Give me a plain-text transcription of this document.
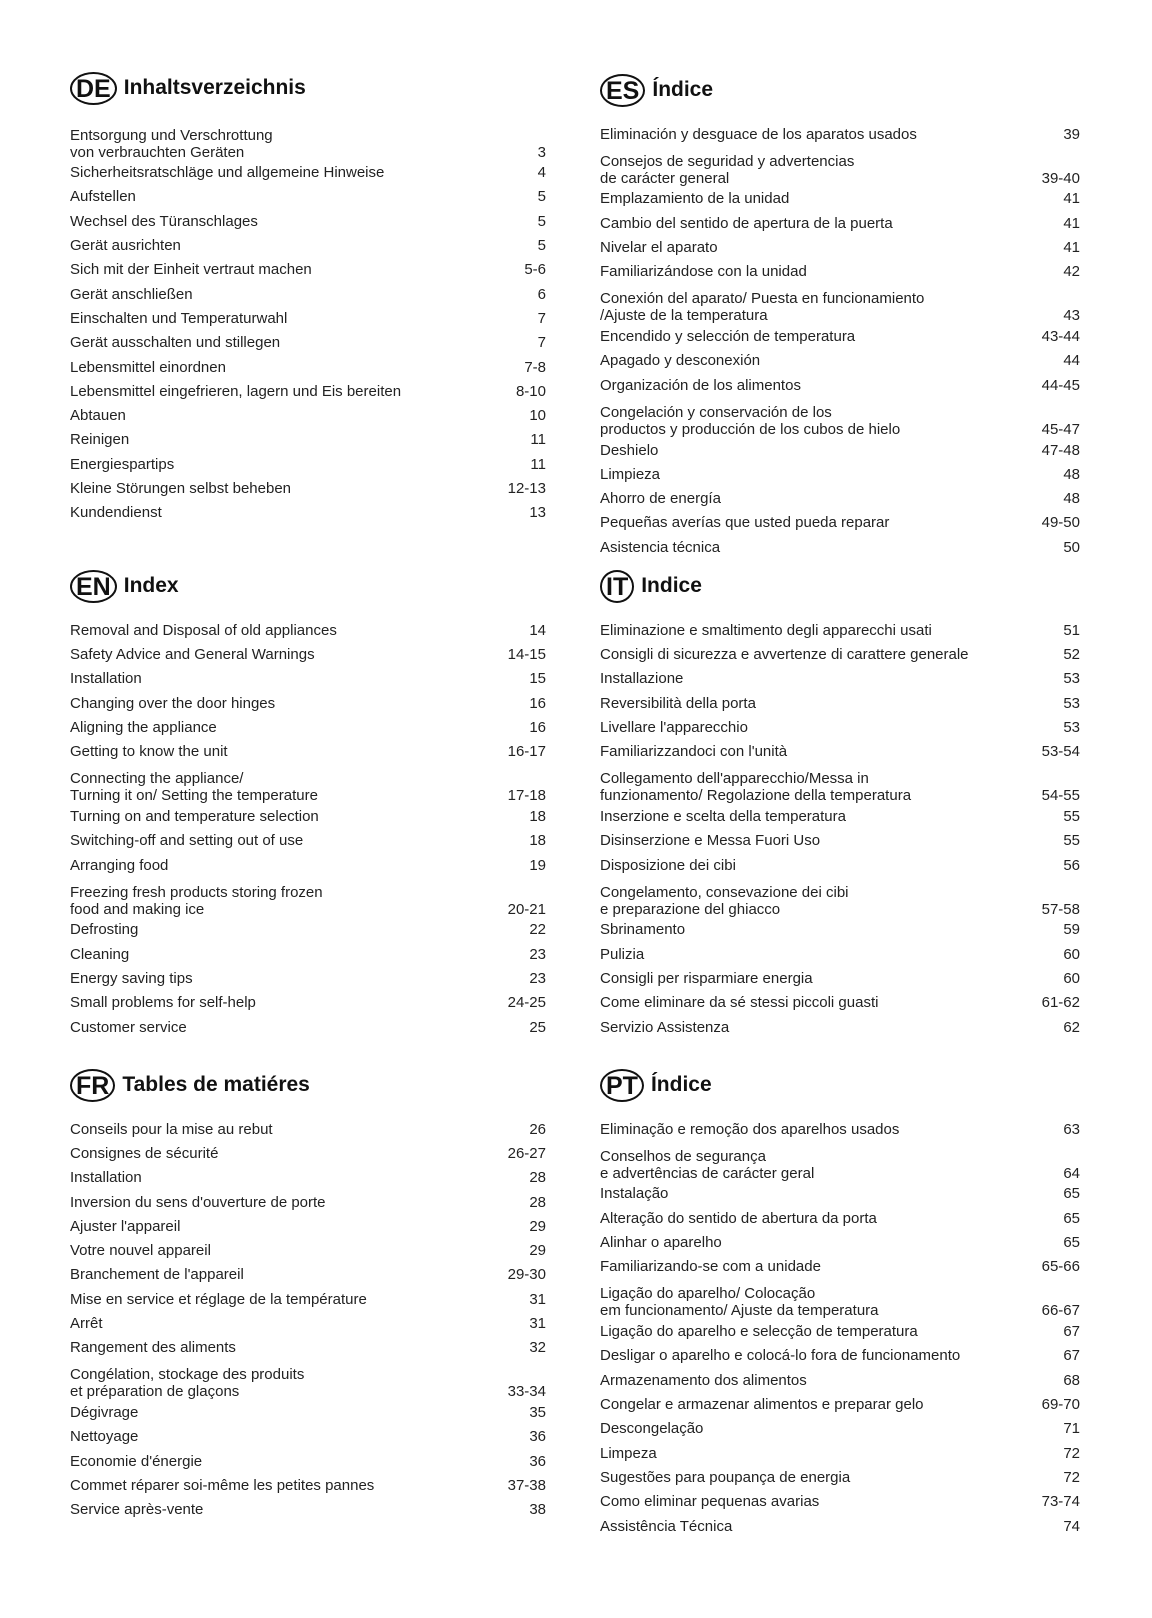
DE Inhaltsverzeichnis
Entsorgung und Verschrottung
von verbrauchten Geräten	3
Sicherheitsratschläge und allgemeine Hinweise	4
Aufstellen	5
Wechsel des Türanschlages	5
Gerät ausrichten	5
Sich mit der Einheit vertraut machen	5-6
Gerät anschließen	6
Einschalten und Temperaturwahl	7
Gerät ausschalten und stillegen	7
Lebensmittel einordnen	7-8
Lebensmittel eingefrieren, lagern und Eis bereiten	8-10
Abtauen	10
Reinigen	11
Energiespartips	11
Kleine Störungen selbst beheben	12-13
Kundendienst	13
EN Index
Removal and Disposal of old appliances	14
Safety Advice and General Warnings	14-15
Installation	15
Changing over the door hinges	16
Aligning the appliance	16
Getting to know the unit	16-17
Connecting the appliance/
Turning it on/ Setting the temperature	17-18
Turning on and temperature selection	18
Switching-off and setting out of use	18
Arranging food	19
Freezing fresh products storing frozen
food and making ice	20-21
Defrosting	22
Cleaning	23
Energy saving tips	23
Small problems for self-help	24-25
Customer service	25
FR Tables de matiéres
Conseils pour la mise au rebut	26
Consignes de sécurité	26-27
Installation	28
Inversion du sens d'ouverture de porte	28
Ajuster l'appareil	29
Votre nouvel appareil	29
Branchement de l'appareil	29-30
Mise en service et réglage de la température	31
Arrêt	31
Rangement des aliments	32
Congélation, stockage des produits
et préparation de glaçons	33-34
Dégivrage	35
Nettoyage	36
Economie d'énergie	36
Commet réparer soi-même les petites pannes	37-38
Service après-vente	38
ES Índice
Eliminación y desguace de los aparatos usados	39
Consejos de seguridad y advertencias
de carácter general	39-40
Emplazamiento de la unidad	41
Cambio del sentido de apertura de la puerta	41
Nivelar el aparato	41
Familiarizándose con la unidad	42
Conexión del aparato/ Puesta en funcionamiento
/Ajuste de la temperatura	43
Encendido y selección de temperatura	43-44
Apagado y desconexión	44
Organización de los alimentos	44-45
Congelación y conservación de los
productos y producción de los cubos de hielo	45-47
Deshielo	47-48
Limpieza	48
Ahorro de energía	48
Pequeñas averías que usted pueda reparar	49-50
Asistencia técnica	50
IT Indice
Eliminazione e smaltimento degli apparecchi usati	51
Consigli di sicurezza e avvertenze di carattere generale	52
Installazione	53
Reversibilità della porta	53
Livellare l'apparecchio	53
Familiarizzandoci con l'unità	53-54
Collegamento dell'apparecchio/Messa in
funzionamento/ Regolazione della temperatura	54-55
Inserzione e scelta della temperatura	55
Disinserzione e Messa Fuori Uso	55
Disposizione dei cibi	56
Congelamento, consevazione dei cibi
e preparazione del ghiacco	57-58
Sbrinamento	59
Pulizia	60
Consigli per risparmiare energia	60
Come eliminare da sé stessi piccoli guasti	61-62
Servizio Assistenza	62
PT Índice
Eliminação e remoção dos aparelhos usados	63
Conselhos de segurança
e advertências de carácter geral	64
Instalação	65
Alteração do sentido de abertura da porta	65
Alinhar o aparelho	65
Familiarizando-se com a unidade	65-66
Ligação do aparelho/ Colocação
em funcionamento/ Ajuste da temperatura	66-67
Ligação do aparelho e selecção de temperatura	67
Desligar o aparelho e colocá-lo fora de funcionamento	67
Armazenamento dos alimentos	68
Congelar e armazenar alimentos e preparar gelo	69-70
Descongelação	71
Limpeza	72
Sugestões para poupança de energia	72
Como eliminar pequenas avarias	73-74
Assistência Técnica	74
